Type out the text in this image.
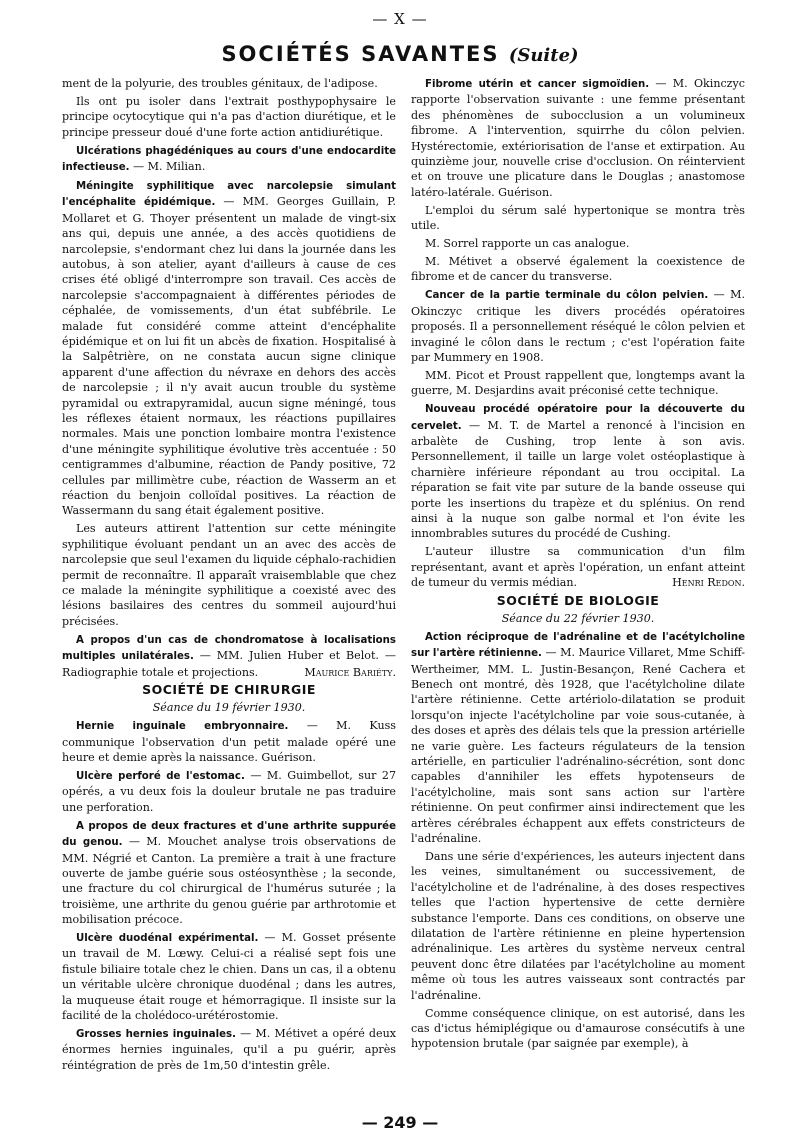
— X —
SOCIÉTÉS SAVANTES (Suite)

ment de la polyurie, des troubles génitaux, de l'adipose.

Ils ont pu isoler dans l'extrait posthypophysaire le principe ocytocytique qui n'a pas d'action diurétique, et le principe presseur doué d'une forte action antidiurétique.

Ulcérations phagédéniques au cours d'une endocardite infectieuse. — M. Milian.

Méningite syphilitique avec narcolepsie simulant l'encéphalite épidémique. — MM. Georges Guillain, P. Mollaret et G. Thoyer présentent un malade de vingt-six ans qui, depuis une année, a des accès quotidiens de narcolepsie, s'endormant chez lui dans la journée dans les autobus, à son atelier, ayant d'ailleurs à cause de ces crises été obligé d'interrompre son travail. Ces accès de narcolepsie s'accompagnaient à différentes périodes de céphalée, de vomissements, d'un état subfébrile. Le malade fut considéré comme atteint d'encéphalite épidémique et on lui fit un abcès de fixation. Hospitalisé à la Salpêtrière, on ne constata aucun signe clinique apparent d'une affection du névraxe en dehors des accès de narcolepsie ; il n'y avait aucun trouble du système pyramidal ou extrapyramidal, aucun signe méningé, tous les réflexes étaient normaux, les réactions pupillaires normales. Mais une ponction lombaire montra l'existence d'une méningite syphilitique évolutive très accentuée : 50 centigrammes d'albumine, réaction de Pandy positive, 72 cellules par millimètre cube, réaction de Wasserm an et réaction du benjoin colloïdal positives. La réaction de Wassermann du sang était également positive.

Les auteurs attirent l'attention sur cette méningite syphilitique évoluant pendant un an avec des accès de narcolepsie que seul l'examen du liquide céphalo-rachidien permit de reconnaître. Il apparaît vraisemblable que chez ce malade la méningite syphilitique a coexisté avec des lésions basilaires des centres du sommeil aujourd'hui précisées.

A propos d'un cas de chondromatose à localisations multiples unilatérales. — MM. Julien Huber et Belot. — Radiographie totale et projections.	Maurice Bariéty.

SOCIÉTÉ DE CHIRURGIE

Séance du 19 février 1930.

Hernie inguinale embryonnaire. — M. Kuss communique l'observation d'un petit malade opéré une heure et demie après la naissance. Guérison.

Ulcère perforé de l'estomac. — M. Guimbellot, sur 27 opérés, a vu deux fois la douleur brutale ne pas traduire une perforation.

A propos de deux fractures et d'une arthrite suppurée du genou. — M. Mouchet analyse trois observations de MM. Négrié et Canton. La première a trait à une fracture ouverte de jambe guérie sous ostéosynthèse ; la seconde, une fracture du col chirurgical de l'humérus suturée ; la troisième, une arthrite du genou guérie par arthrotomie et mobilisation précoce.

Ulcère duodénal expérimental. — M. Gosset présente un travail de M. Lœwy. Celui-ci a réalisé sept fois une fistule biliaire totale chez le chien. Dans un cas, il a obtenu un véritable ulcère chronique duodénal ; dans les autres, la muqueuse était rouge et hémorragique. Il insiste sur la facilité de la cholédoco-urétérostomie.

Grosses hernies inguinales. — M. Métivet a opéré deux énormes hernies inguinales, qu'il a pu guérir, après réintégration de près de 1m,50 d'intestin grêle.

Fibrome utérin et cancer sigmoïdien. — M. Okinczyc rapporte l'observation suivante : une femme présentant des phénomènes de subocclusion a un volumineux fibrome. A l'intervention, squirrhe du côlon pelvien. Hystérectomie, extériorisation de l'anse et extirpation. Au quinzième jour, nouvelle crise d'occlusion. On réintervient et on trouve une plicature dans le Douglas ; anastomose latéro-latérale. Guérison.

L'emploi du sérum salé hypertonique se montra très utile.

M. Sorrel rapporte un cas analogue.

M. Métivet a observé également la coexistence de fibrome et de cancer du transverse.

Cancer de la partie terminale du côlon pelvien. — M. Okinczyc critique les divers procédés opératoires proposés. Il a personnellement réséqué le côlon pelvien et invaginé le côlon dans le rectum ; c'est l'opération faite par Mummery en 1908.

MM. Picot et Proust rappellent que, longtemps avant la guerre, M. Desjardins avait préconisé cette technique.

Nouveau procédé opératoire pour la découverte du cervelet. — M. T. de Martel a renoncé à l'incision en arbalète de Cushing, trop lente à son avis. Personnellement, il taille un large volet ostéoplastique à charnière inférieure répondant au trou occipital. La réparation se fait vite par suture de la bande osseuse qui porte les insertions du trapèze et du splénius. On rend ainsi à la nuque son galbe normal et l'on évite les innombrables sutures du procédé de Cushing.

L'auteur illustre sa communication d'un film représentant, avant et après l'opération, un enfant atteint de tumeur du vermis médian.	Henri Redon.

SOCIÉTÉ DE BIOLOGIE

Séance du 22 février 1930.

Action réciproque de l'adrénaline et de l'acétylcholine sur l'artère rétinienne. — M. Maurice Villaret, Mme Schiff-Wertheimer, MM. L. Justin-Besançon, René Cachera et Benech ont montré, dès 1928, que l'acétylcholine dilate l'artère rétinienne. Cette artériolo-dilatation se produit lorsqu'on injecte l'acétylcholine par voie sous-cutanée, à des doses et après des délais tels que la pression artérielle ne varie guère. Les facteurs régulateurs de la tension artérielle, en particulier l'adrénalino-sécrétion, sont donc capables d'annihiler les effets hypotenseurs de l'acétylcholine, mais sont sans action sur l'artère rétinienne. On peut confirmer ainsi indirectement que les artères cérébrales échappent aux effets constricteurs de l'adrénaline.

Dans une série d'expériences, les auteurs injectent dans les veines, simultanément ou successivement, de l'acétylcholine et de l'adrénaline, à des doses respectives telles que l'action hypertensive de cette dernière substance l'emporte. Dans ces conditions, on observe une dilatation de l'artère rétinienne en pleine hypertension adrénalinique. Les artères du système nerveux central peuvent donc être dilatées par l'acétylcholine au moment même où tous les autres vaisseaux sont contractés par l'adrénaline.

Comme conséquence clinique, on est autorisé, dans les cas d'ictus hémiplégique ou d'amaurose consécutifs à une hypotension brutale (par saignée par exemple), à

— 249 —
